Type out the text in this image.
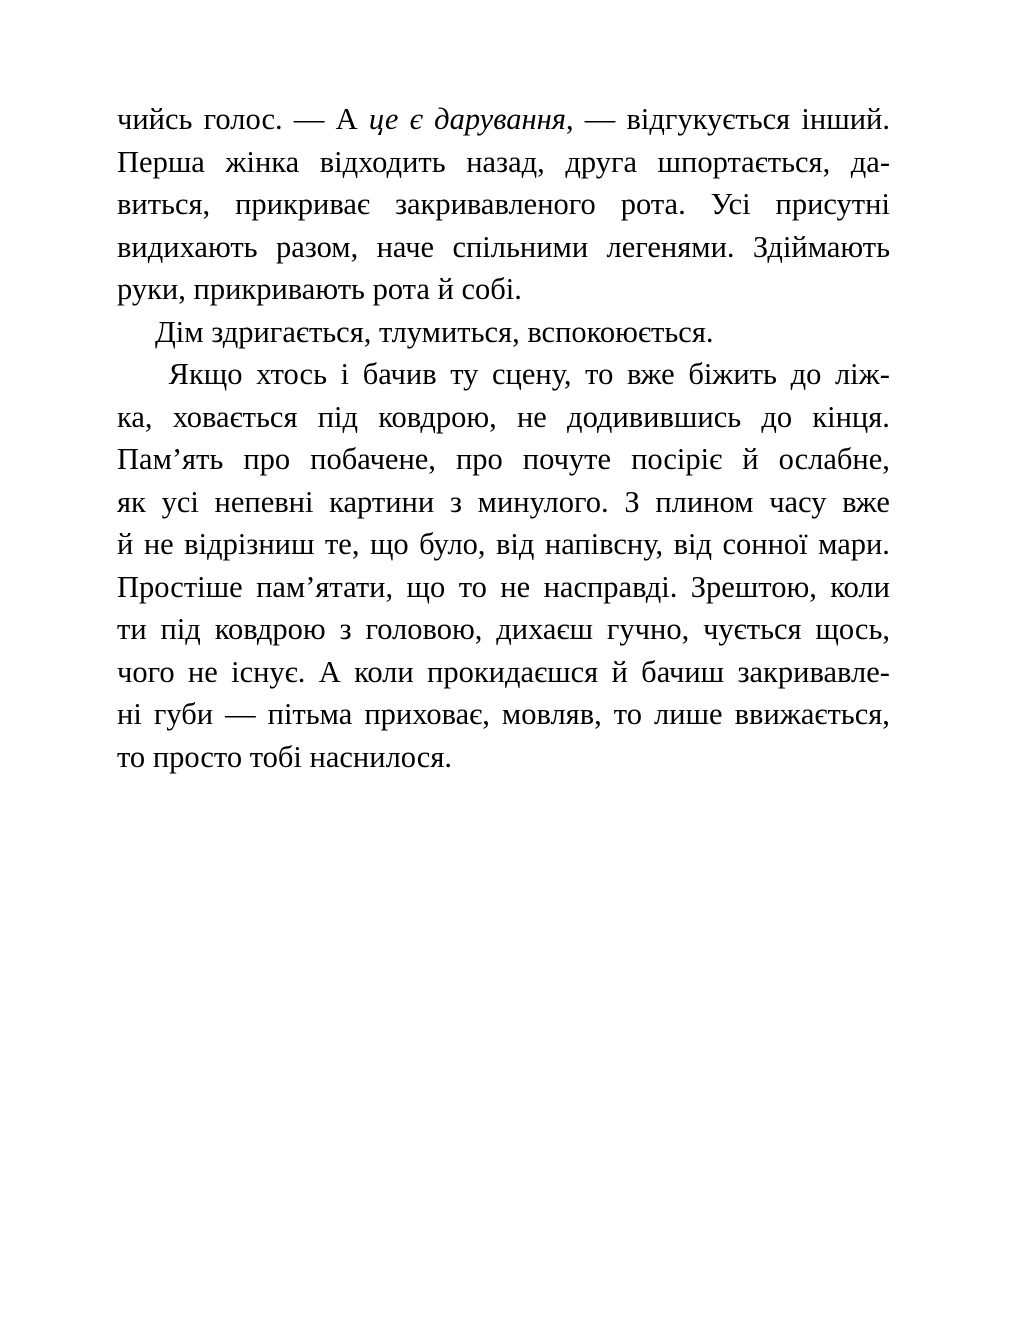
чийсь голос. — А це є дарування, — відгукується інший.
Перша жінка відходить назад, друга шпортається, да-
виться, прикриває закривавленого рота. Усі присутні
видихають разом, наче спільними легенями. Здіймають
руки, прикривають рота й собі.
Дім здригається, тлумиться, вспокоюється.
Якщо хтось і бачив ту сцену, то вже біжить до ліж-
ка, ховається під ковдрою, не додивившись до кінця.
Пам’ять про побачене, про почуте посіріє й ослабне,
як усі непевні картини з минулого. З плином часу вже
й не відрізниш те, що було, від напівсну, від сонної мари.
Простіше пам’ятати, що то не насправді. Зрештою, коли
ти під ковдрою з головою, дихаєш гучно, чується щось,
чого не існує. А коли прокидаєшся й бачиш закривавле-
ні губи — пітьма приховає, мовляв, то лише ввижається,
то просто тобі наснилося.
